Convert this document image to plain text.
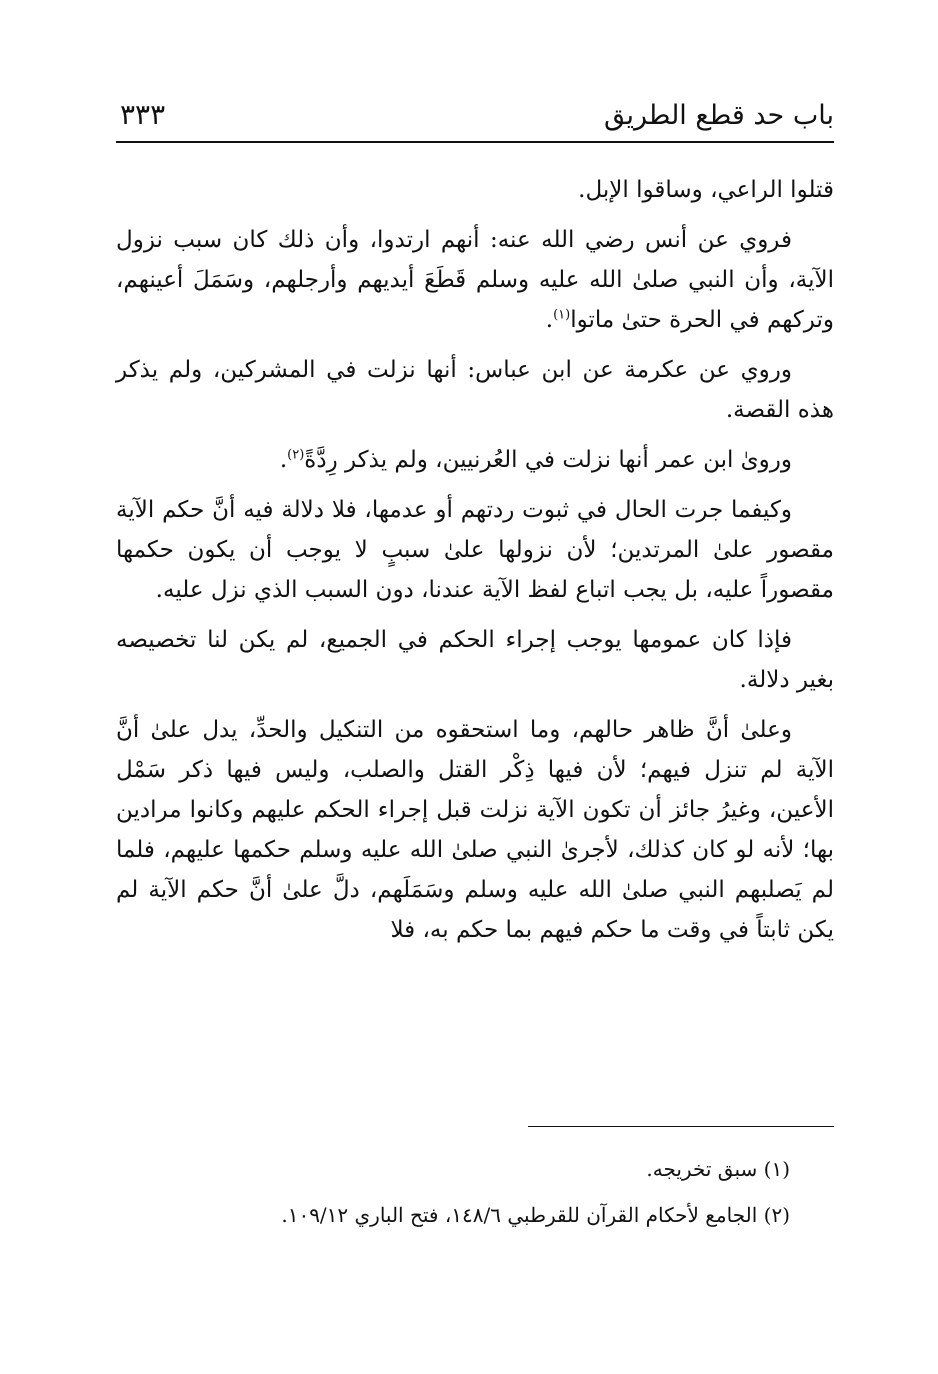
باب حد قطع الطريق
٣٣٣

قتلوا الراعي، وساقوا الإبل.

فروي عن أنس رضي الله عنه: أنهم ارتدوا، وأن ذلك كان سبب نزول الآية، وأن النبي صلىٰ الله عليه وسلم قَطَعَ أيديهم وأرجلهم، وسَمَلَ أعينهم، وتركهم في الحرة حتىٰ ماتوا$^{(١)}$.

وروي عن عكرمة عن ابن عباس: أنها نزلت في المشركين، ولم يذكر هذه القصة.

ورویٰ ابن عمر أنها نزلت في العُرنيين، ولم يذكر رِدَّةً$^{(٢)}$.

وكيفما جرت الحال في ثبوت ردتهم أو عدمها، فلا دلالة فيه أنَّ حكم الآية مقصور علىٰ المرتدين؛ لأن نزولها علىٰ سببٍ لا يوجب أن يكون حكمها مقصوراً عليه، بل يجب اتباع لفظ الآية عندنا، دون السبب الذي نزل عليه.

فإذا كان عمومها يوجب إجراء الحكم في الجميع، لم يكن لنا تخصيصه بغير دلالة.

وعلىٰ أنَّ ظاهر حالهم، وما استحقوه من التنكيل والحدِّ، يدل علىٰ أنَّ الآية لم تنزل فيهم؛ لأن فيها ذِكْر القتل والصلب، وليس فيها ذكر سَمْل الأعين، وغيرُ جائز أن تكون الآية نزلت قبل إجراء الحكم عليهم وكانوا مرادين بها؛ لأنه لو كان كذلك، لأجرىٰ النبي صلىٰ الله عليه وسلم حكمها عليهم، فلما لم يَصلبهم النبي صلىٰ الله عليه وسلم وسَمَلَهم، دلَّ علىٰ أنَّ حكم الآية لم يكن ثابتاً في وقت ما حكم فيهم بما حكم به، فلا

(١) سبق تخريجه.
(٢) الجامع لأحكام القرآن للقرطبي ١٤٨/٦، فتح الباري ١٠٩/١٢.
